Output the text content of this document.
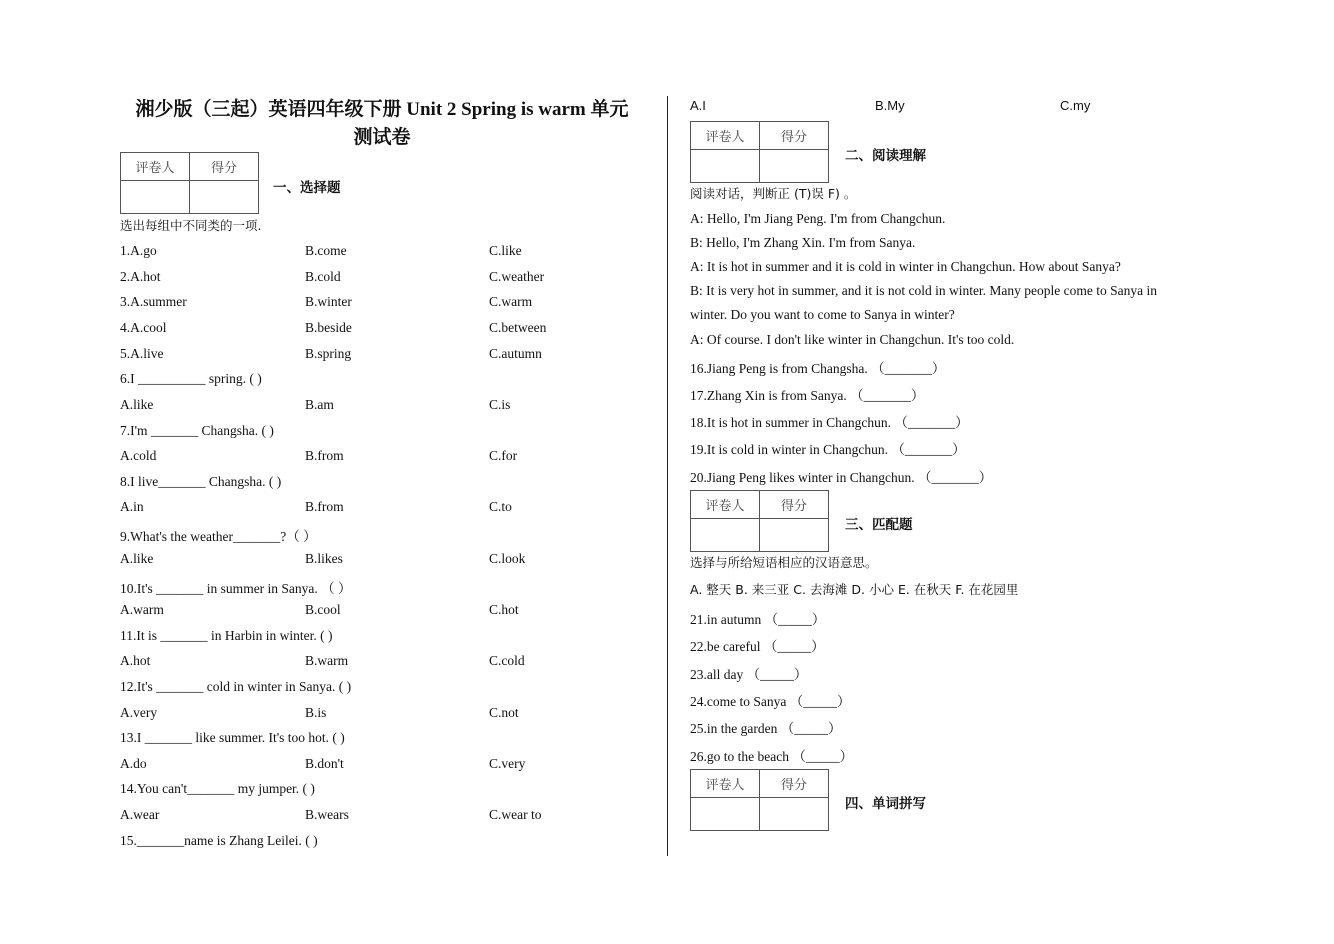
湘少版（三起）英语四年级下册 Unit 2 Spring is warm 单元
测试卷
评卷人	得分

一、选择题
评卷人	得分

二、阅读理解
评卷人	得分

三、匹配题
评卷人	得分

四、单词拼写
选出每组中不同类的一项.
1.A.go	B.come	C.like
2.A.hot	B.cold	C.weather
3.A.summer	B.winter	C.warm
4.A.cool	B.beside	C.between
5.A.live	B.spring	C.autumn
6.I __________ spring. ( )
A.like	B.am	C.is
7.I'm _______ Changsha. ( )
A.cold	B.from	C.for
8.I live_______ Changsha. ( )
A.in	B.from	C.to
9.What's the weather_______?（ ）
A.like	B.likes	C.look
10.It's _______ in summer in Sanya. （ ）
A.warm	B.cool	C.hot
11.It is _______ in Harbin in winter. ( )
A.hot	B.warm	C.cold
12.It's _______ cold in winter in Sanya. ( )
A.very	B.is	C.not
13.I _______ like summer. It's too hot. ( )
A.do	B.don't	C.very
14.You can't_______ my jumper. ( )
A.wear	B.wears	C.wear to
15._______name is Zhang Leilei. ( )
A.I	B.My	C.my
阅读对话，判断正 (T)误 F) 。
A: Hello, I'm Jiang Peng. I'm from Changchun.
B: Hello, I'm Zhang Xin. I'm from Sanya.
A: It is hot in summer and it is cold in winter in Changchun. How about Sanya?
B: It is very hot in summer, and it is not cold in winter. Many people come to Sanya in
winter. Do you want to come to Sanya in winter?
A: Of course. I don't like winter in Changchun. It's too cold.
16.Jiang Peng is from Changsha. （_______）
17.Zhang Xin is from Sanya. （_______）
18.It is hot in summer in Changchun. （_______）
19.It is cold in winter in Changchun. （_______）
20.Jiang Peng likes winter in Changchun. （_______）
选择与所给短语相应的汉语意思。
A. 整天 B. 来三亚 C. 去海滩 D. 小心 E. 在秋天 F. 在花园里
21.in autumn （_____）
22.be careful （_____）
23.all day （_____）
24.come to Sanya （_____）
25.in the garden （_____）
26.go to the beach （_____）
